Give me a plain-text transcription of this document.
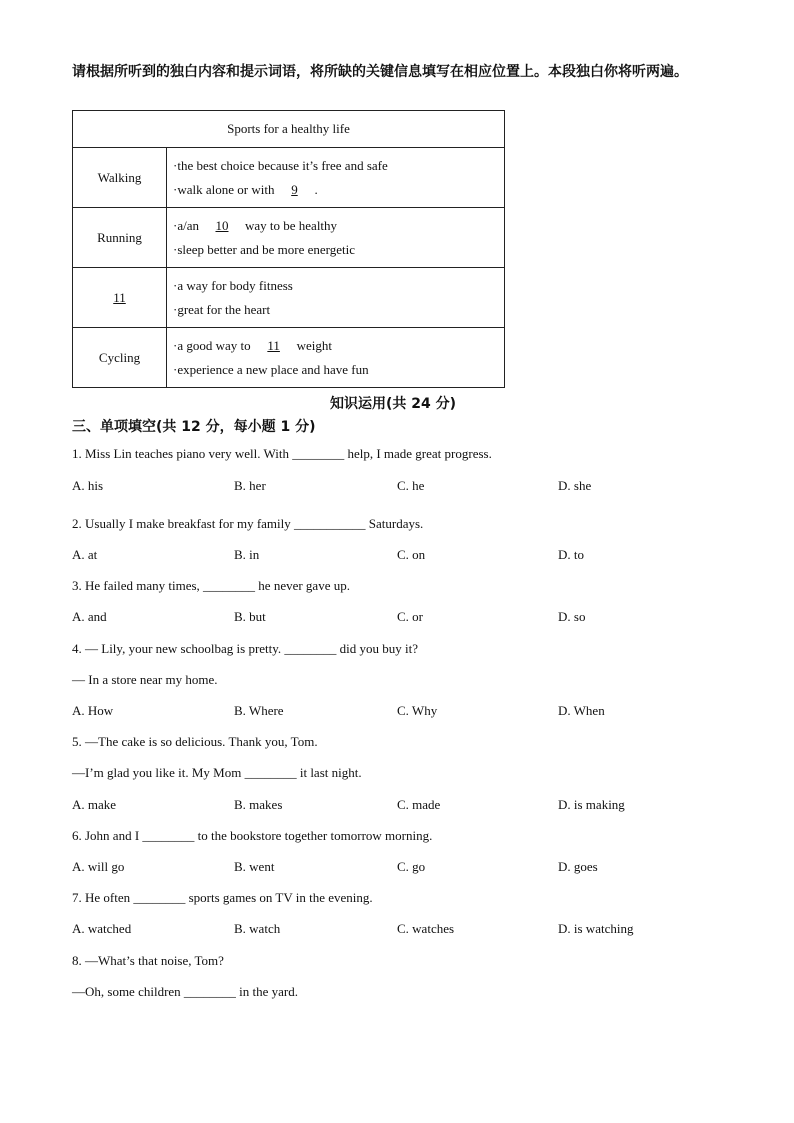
请根据所听到的独白内容和提示词语，将所缺的关键信息填写在相应位置上。本段独白你将听两遍。
Sports for a healthy life	
Walking	·the best choice because it’s free and safe
·walk alone or with 9 .

Running	·a/an 10 way to be healthy
·sleep better and be more energetic

11	·a way for body fitness
·great for the heart

Cycling	·a good way to 11 weight
·experience a new place and have fun
知识运用(共 24 分)
三、单项填空(共 12 分，每小题 1 分)
1. Miss Lin teaches piano very well. With ________ help, I made great progress.
A. his	B. her	C. he	D. she
2. Usually I make breakfast for my family ___________ Saturdays.
A. at	B. in	C. on	D. to
3. He failed many times, ________ he never gave up.
A. and	B. but	C. or	D. so
4. — Lily, your new schoolbag is pretty. ________ did you buy it?
— In a store near my home.
A. How	B. Where	C. Why	D. When
5. —The cake is so delicious. Thank you, Tom.
—I’m glad you like it. My Mom ________ it last night.
A. make	B. makes	C. made	D. is making
6. John and I ________ to the bookstore together tomorrow morning.
A. will go	B. went	C. go	D. goes
7. He often ________ sports games on TV in the evening.
A. watched	B. watch	C. watches	D. is watching
8. —What’s that noise, Tom?
—Oh, some children ________ in the yard.
